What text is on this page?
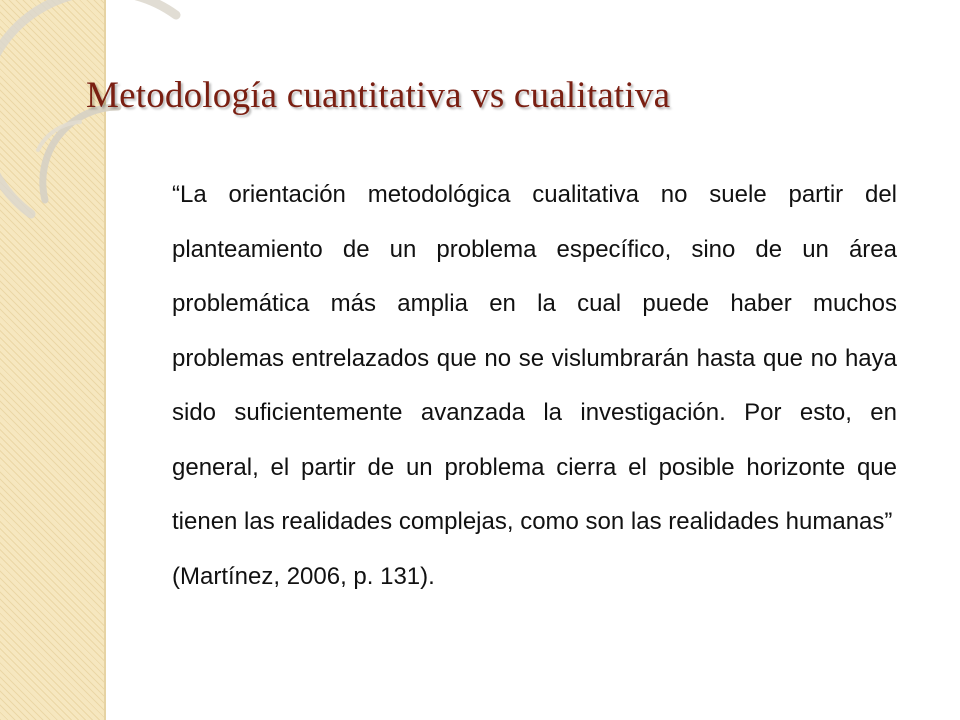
Metodología cuantitativa vs cualitativa

“La orientación metodológica cualitativa no suele partir del planteamiento de un problema específico, sino de un área problemática más amplia en la cual puede haber muchos problemas entrelazados que no se vislumbrarán hasta que no haya sido suficientemente avanzada la investigación. Por esto, en general, el partir de un problema cierra el posible horizonte que tienen las realidades complejas, como son las realidades humanas”
(Martínez, 2006, p. 131).
